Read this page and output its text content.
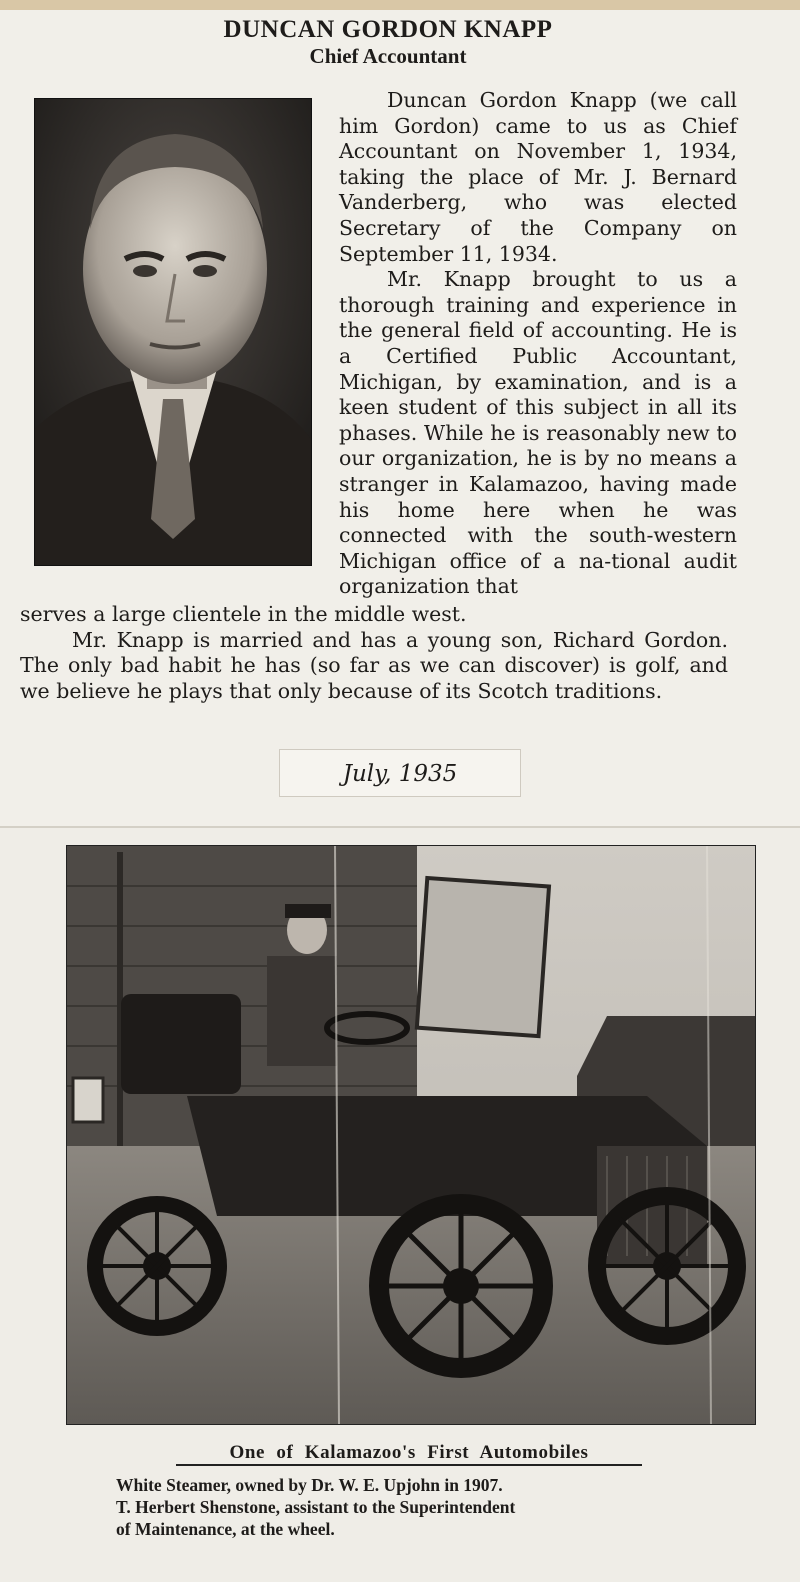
DUNCAN GORDON KNAPP
Chief Accountant

Duncan Gordon Knapp (we call him Gordon) came to us as Chief Accountant on November 1, 1934, taking the place of Mr. J. Bernard Vanderberg, who was elected Secretary of the Company on September 11, 1934.

Mr. Knapp brought to us a thorough training and experience in the general field of accounting. He is a Certified Public Accountant, Michigan, by examination, and is a keen student of this subject in all its phases. While he is reasonably new to our organization, he is by no means a stranger in Kalamazoo, having made his home here when he was connected with the south-western Michigan office of a na-tional audit organization that

serves a large clientele in the middle west.

Mr. Knapp is married and has a young son, Richard Gordon. The only bad habit he has (so far as we can discover) is golf, and we believe he plays that only because of its Scotch traditions.

July, 1935
One of Kalamazoo's First Automobiles
White Steamer, owned by Dr. W. E. Upjohn in 1907.
T. Herbert Shenstone, assistant to the Superintendent
of Maintenance, at the wheel.
